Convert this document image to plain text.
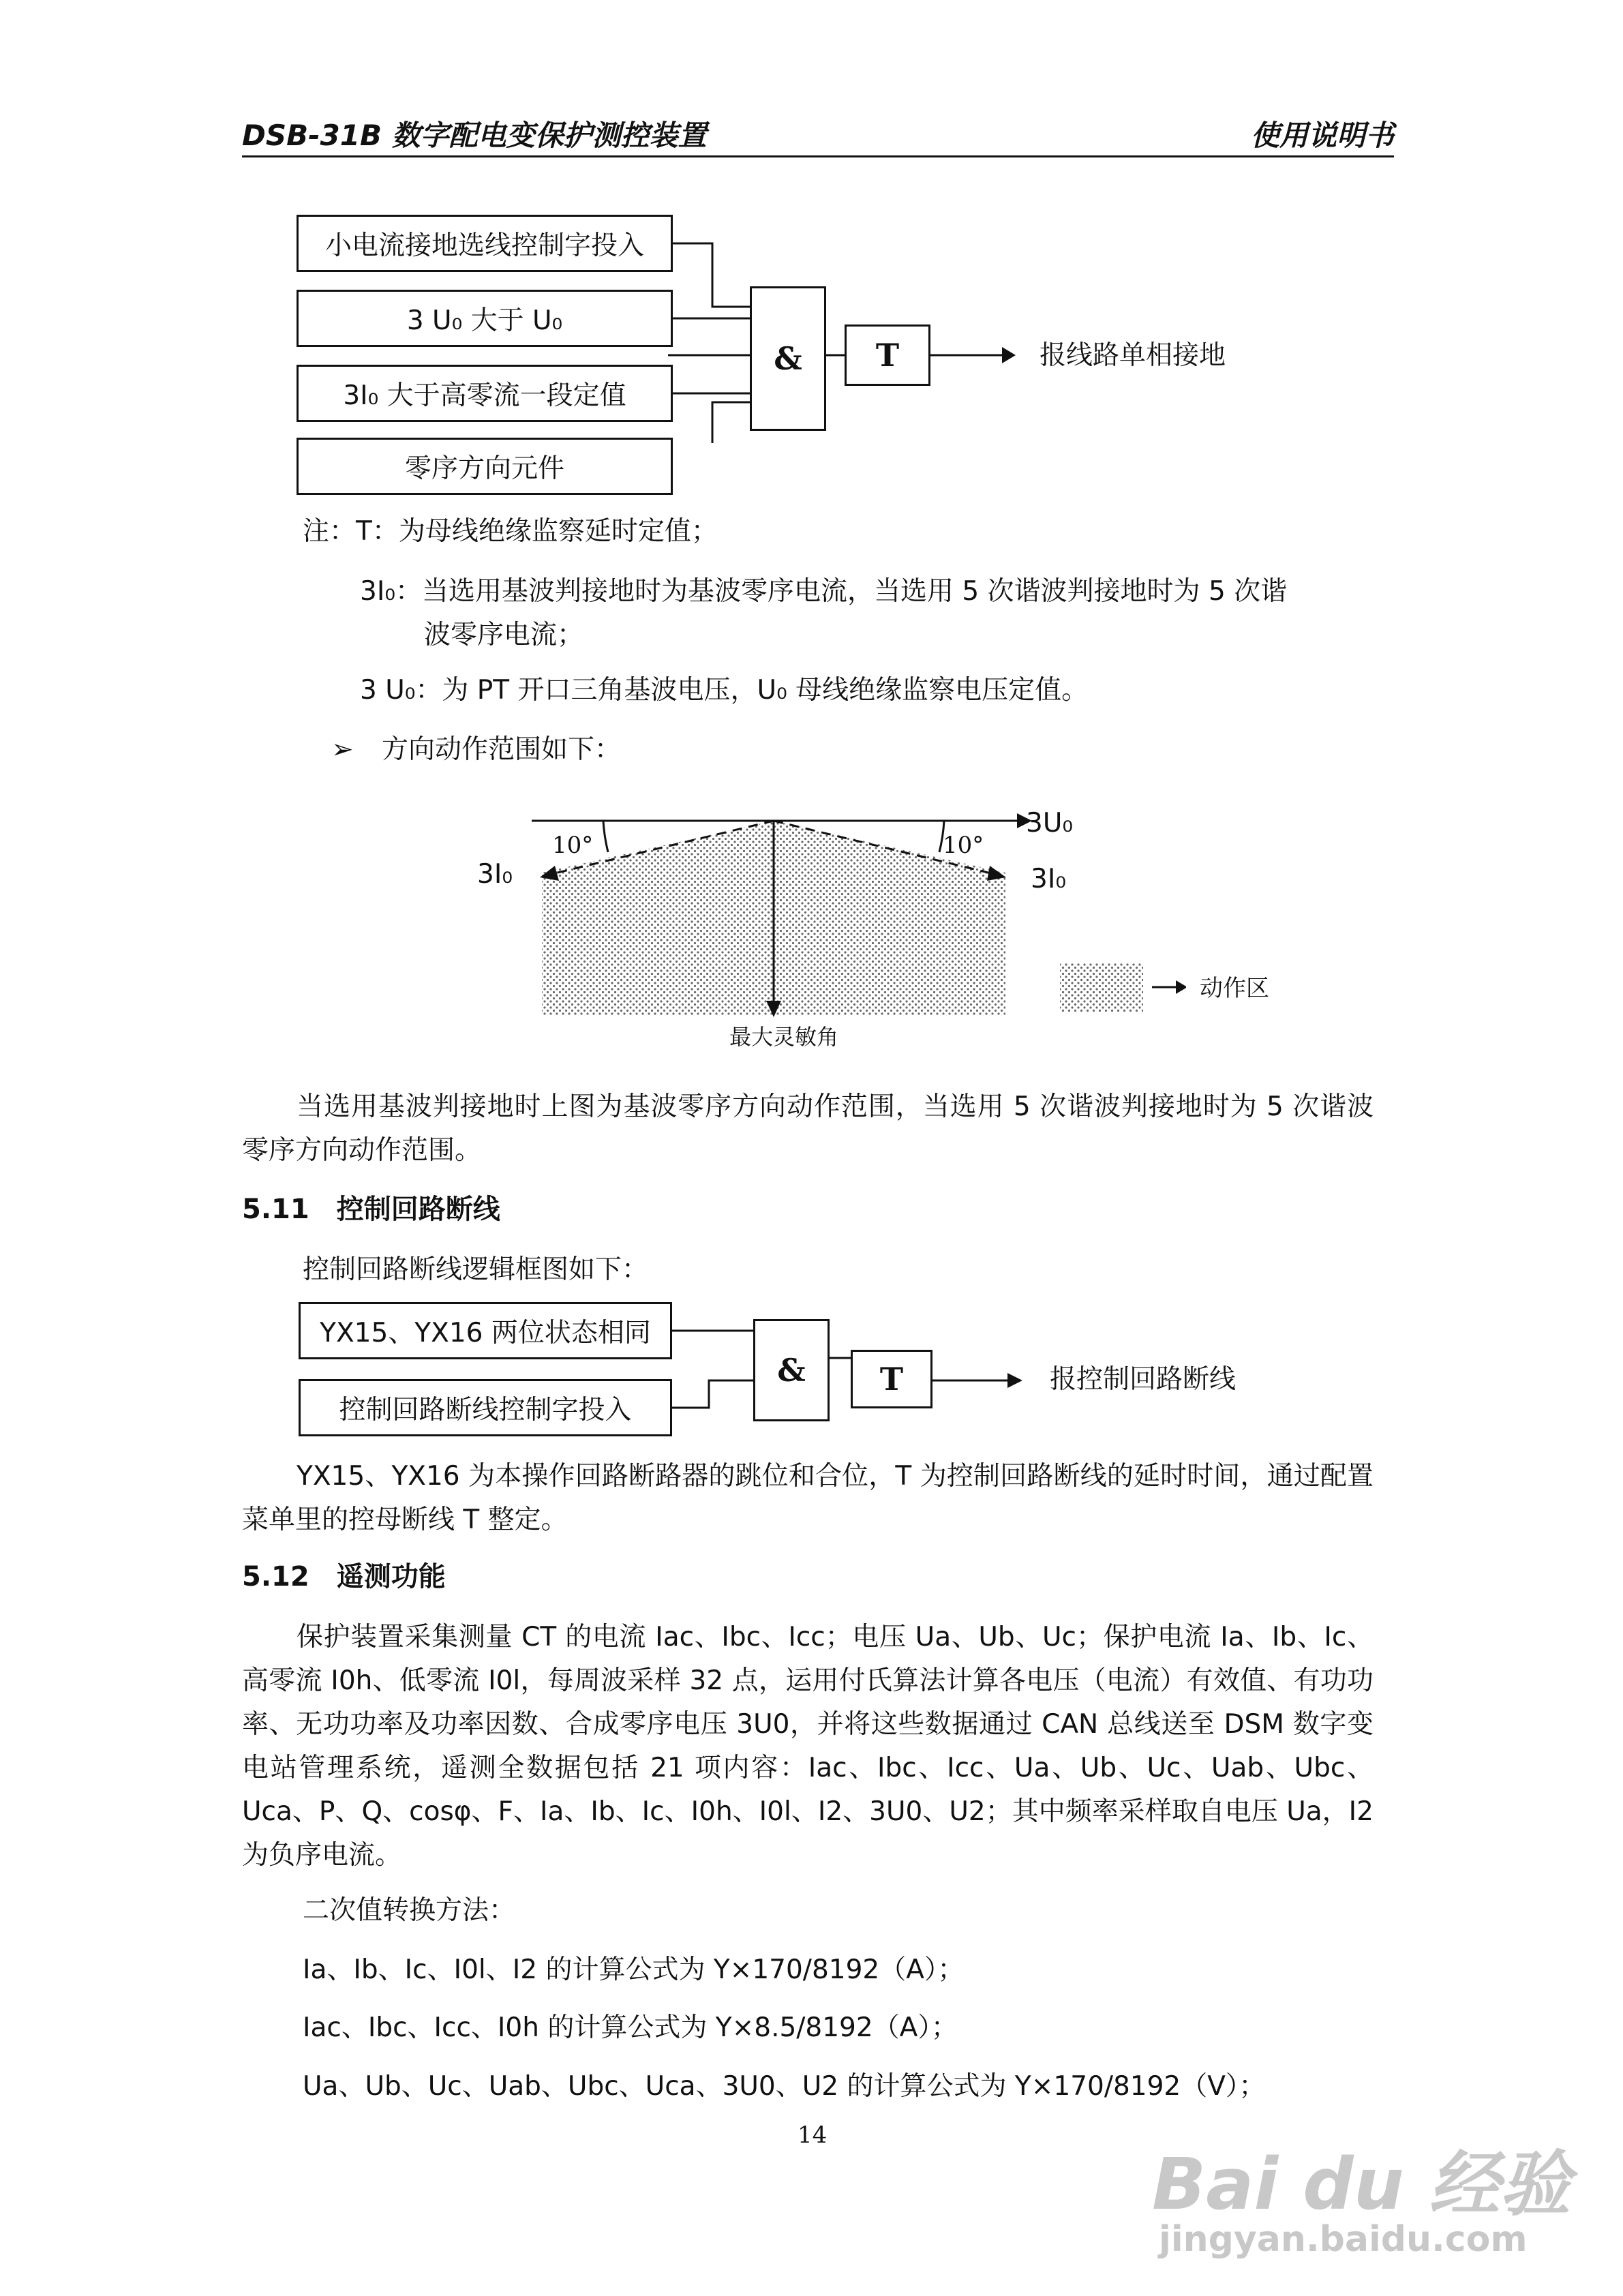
DSB-31B 数字配电变保护测控装置	使用说明书
小电流接地选线控制字投入
3 U₀ 大于 U₀
3I₀ 大于高零流一段定值
零序方向元件
&	T	报线路单相接地
注：T：为母线绝缘监察延时定值；
3I₀：当选用基波判接地时为基波零序电流，当选用 5 次谐波判接地时为 5 次谐
波零序电流；
3 U₀：为 PT 开口三角基波电压，U₀ 母线绝缘监察电压定值。
➢ 方向动作范围如下：
3U₀
3I₀	3I₀
10°	10°
最大灵敏角
动作区
当选用基波判接地时上图为基波零序方向动作范围，当选用 5 次谐波判接地时为 5 次谐波零序方向动作范围。
5.11　控制回路断线
控制回路断线逻辑框图如下：
YX15、YX16 两位状态相同
控制回路断线控制字投入
&	T	报控制回路断线
YX15、YX16 为本操作回路断路器的跳位和合位，T 为控制回路断线的延时时间，通过配置菜单里的控母断线 T 整定。
5.12　遥测功能
保护装置采集测量 CT 的电流 Iac、Ibc、Icc；电压 Ua、Ub、Uc；保护电流 Ia、Ib、Ic、高零流 I0h、低零流 I0l，每周波采样 32 点，运用付氏算法计算各电压（电流）有效值、有功功率、无功功率及功率因数、合成零序电压 3U0，并将这些数据通过 CAN 总线送至 DSM 数字变电站管理系统，遥测全数据包括 21 项内容：Iac、Ibc、Icc、Ua、Ub、Uc、Uab、Ubc、Uca、P、Q、cosφ、F、Ia、Ib、Ic、I0h、I0l、I2、3U0、U2；其中频率采样取自电压 Ua，I2 为负序电流。
二次值转换方法：
Ia、Ib、Ic、I0l、I2 的计算公式为 Y×170/8192（A）；
Iac、Ibc、Icc、I0h 的计算公式为 Y×8.5/8192（A）；
Ua、Ub、Uc、Uab、Ubc、Uca、3U0、U2 的计算公式为 Y×170/8192（V）；
14
Bai du 经验
jingyan.baidu.com
